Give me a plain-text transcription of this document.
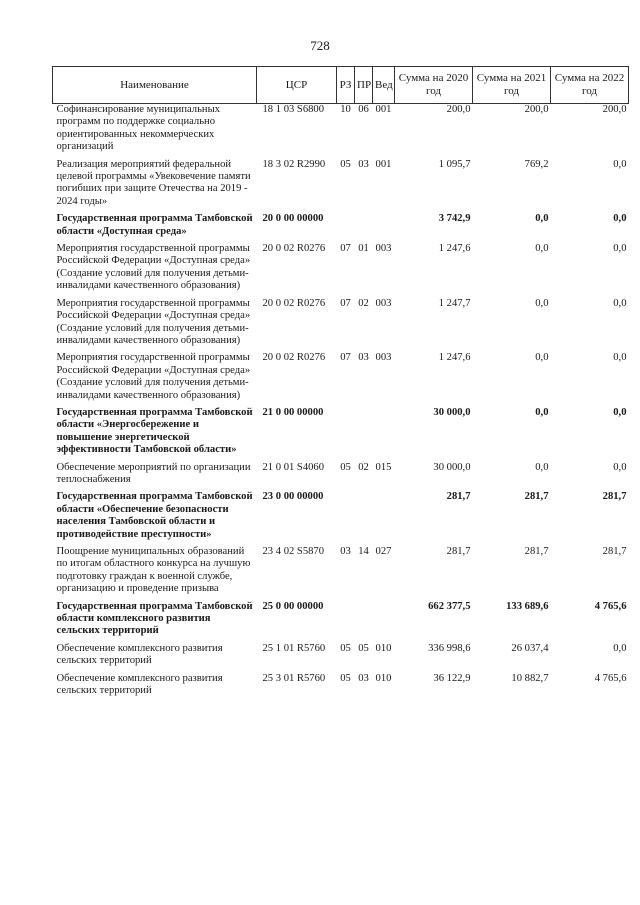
728
Наименование	ЦСР	РЗ	ПР	Вед	Сумма на 2020 год	Сумма на 2021 год	Сумма на 2022 год
Софинансирование муниципальных программ по поддержке социально ориентированных некоммерческих организаций	18 1 03 S6800	10	06	001	200,0	200,0	200,0
Реализация мероприятий федеральной целевой программы «Увековечение памяти погибших при защите Отечества на 2019 - 2024 годы»	18 3 02 R2990	05	03	001	1 095,7	769,2	0,0
Государственная программа Тамбовской области «Доступная среда»	20 0 00 00000				3 742,9	0,0	0,0
Мероприятия государственной программы Российской Федерации «Доступная среда» (Создание условий для получения детьми-инвалидами качественного образования)	20 0 02 R0276	07	01	003	1 247,6	0,0	0,0
Мероприятия государственной программы Российской Федерации «Доступная среда» (Создание условий для получения детьми-инвалидами качественного образования)	20 0 02 R0276	07	02	003	1 247,7	0,0	0,0
Мероприятия государственной программы Российской Федерации «Доступная среда» (Создание условий для получения детьми-инвалидами качественного образования)	20 0 02 R0276	07	03	003	1 247,6	0,0	0,0
Государственная программа Тамбовской области «Энергосбережение и повышение энергетической эффективности Тамбовской области»	21 0 00 00000				30 000,0	0,0	0,0
Обеспечение мероприятий по организации теплоснабжения	21 0 01 S4060	05	02	015	30 000,0	0,0	0,0
Государственная программа Тамбовской области «Обеспечение безопасности населения Тамбовской области и противодействие преступности»	23 0 00 00000				281,7	281,7	281,7
Поощрение муниципальных образований по итогам областного конкурса на лучшую подготовку граждан к военной службе, организацию и проведение призыва	23 4 02 S5870	03	14	027	281,7	281,7	281,7
Государственная программа Тамбовской области комплексного развития сельских территорий	25 0 00 00000				662 377,5	133 689,6	4 765,6
Обеспечение комплексного развития сельских территорий	25 1 01 R5760	05	05	010	336 998,6	26 037,4	0,0
Обеспечение комплексного развития сельских территорий	25 3 01 R5760	05	03	010	36 122,9	10 882,7	4 765,6
